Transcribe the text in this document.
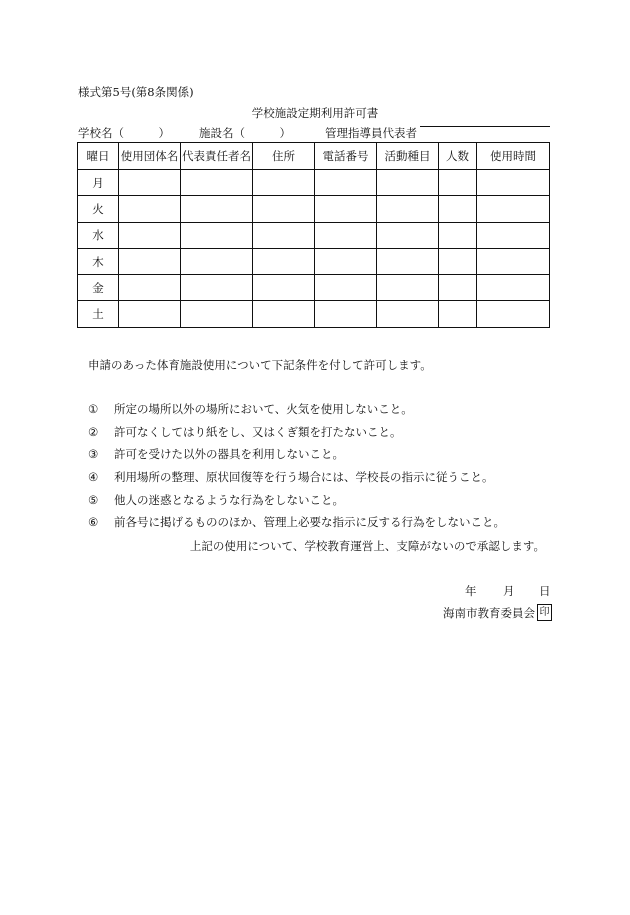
様式第5号(第8条関係)
学校施設定期利用許可書
学校名（　　　）	施設名（　　　）	管理指導員代表者
曜日	使用団体名	代表責任者名	住所	電話番号	活動種目	人数	使用時間
月							
火							
水							
木							
金							
土							
申請のあった体育施設使用について下記条件を付して許可します。
① 所定の場所以外の場所において、火気を使用しないこと。
② 許可なくしてはり紙をし、又はくぎ類を打たないこと。
③ 許可を受けた以外の器具を利用しないこと。
④ 利用場所の整理、原状回復等を行う場合には、学校長の指示に従うこと。
⑤ 他人の迷惑となるような行為をしないこと。
⑥ 前各号に掲げるもののほか、管理上必要な指示に反する行為をしないこと。
上記の使用について、学校教育運営上、支障がないので承認します。
年 月 日
海南市教育委員会 印
